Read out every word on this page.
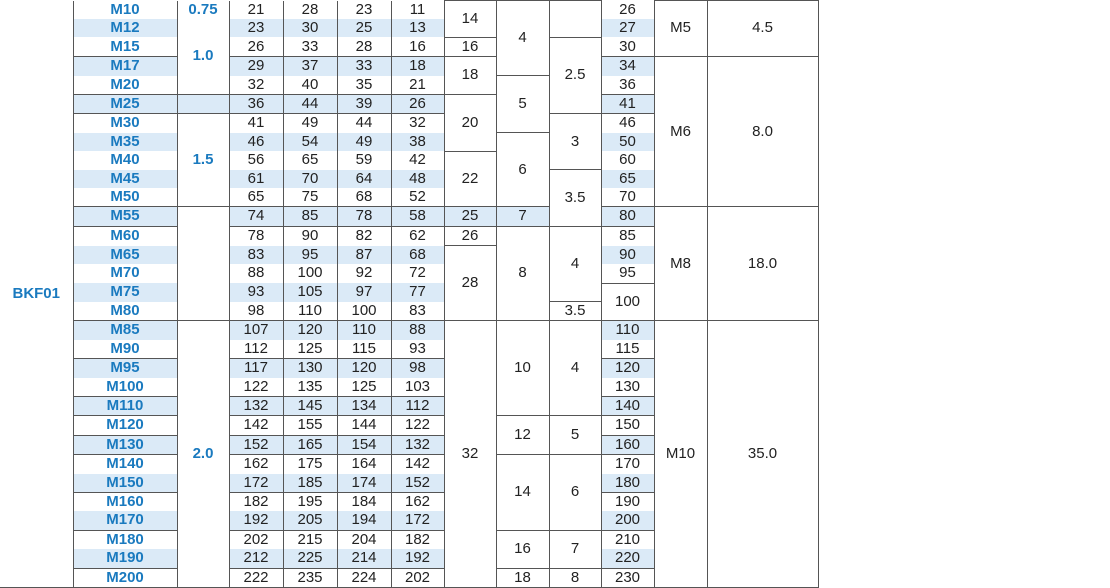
BKF01	M10	0.75	21	28	23	11	14	4		26	M5	4.5
	M12	1.0	23	30	25	13				27		
	M15		26	33	28	16	16		2.5	30		
	M17		29	37	33	18	18			34	M6	8.0
	M20		32	40	35	21		5		36		
	M25		36	44	39	26	20			41		
	M30	1.5	41	49	44	32			3	46		
	M35		46	54	49	38		6		50		
	M40		56	65	59	42	22			60		
	M45		61	70	64	48			3.5	65		
	M50		65	75	68	52				70		
	M55		74	85	78	58	25	7		80	M8	18.0
	M60		78	90	82	62	26	8	4	85		
	M65		83	95	87	68	28			90		
	M70		88	100	92	72				95		
	M75		93	105	97	77				100		
	M80		98	110	100	83			3.5			
	M85	2.0	107	120	110	88	32	10	4	110	M10	35.0
	M90		112	125	115	93				115		
	M95		117	130	120	98				120		
	M100		122	135	125	103				130		
	M110		132	145	134	112				140		
	M120		142	155	144	122		12	5	150		
	M130		152	165	154	132				160		
	M140		162	175	164	142		14	6	170		
	M150		172	185	174	152				180		
	M160		182	195	184	162				190		
	M170		192	205	194	172				200		
	M180		202	215	204	182		16	7	210		
	M190		212	225	214	192				220		
	M200		222	235	224	202		18	8	230		
